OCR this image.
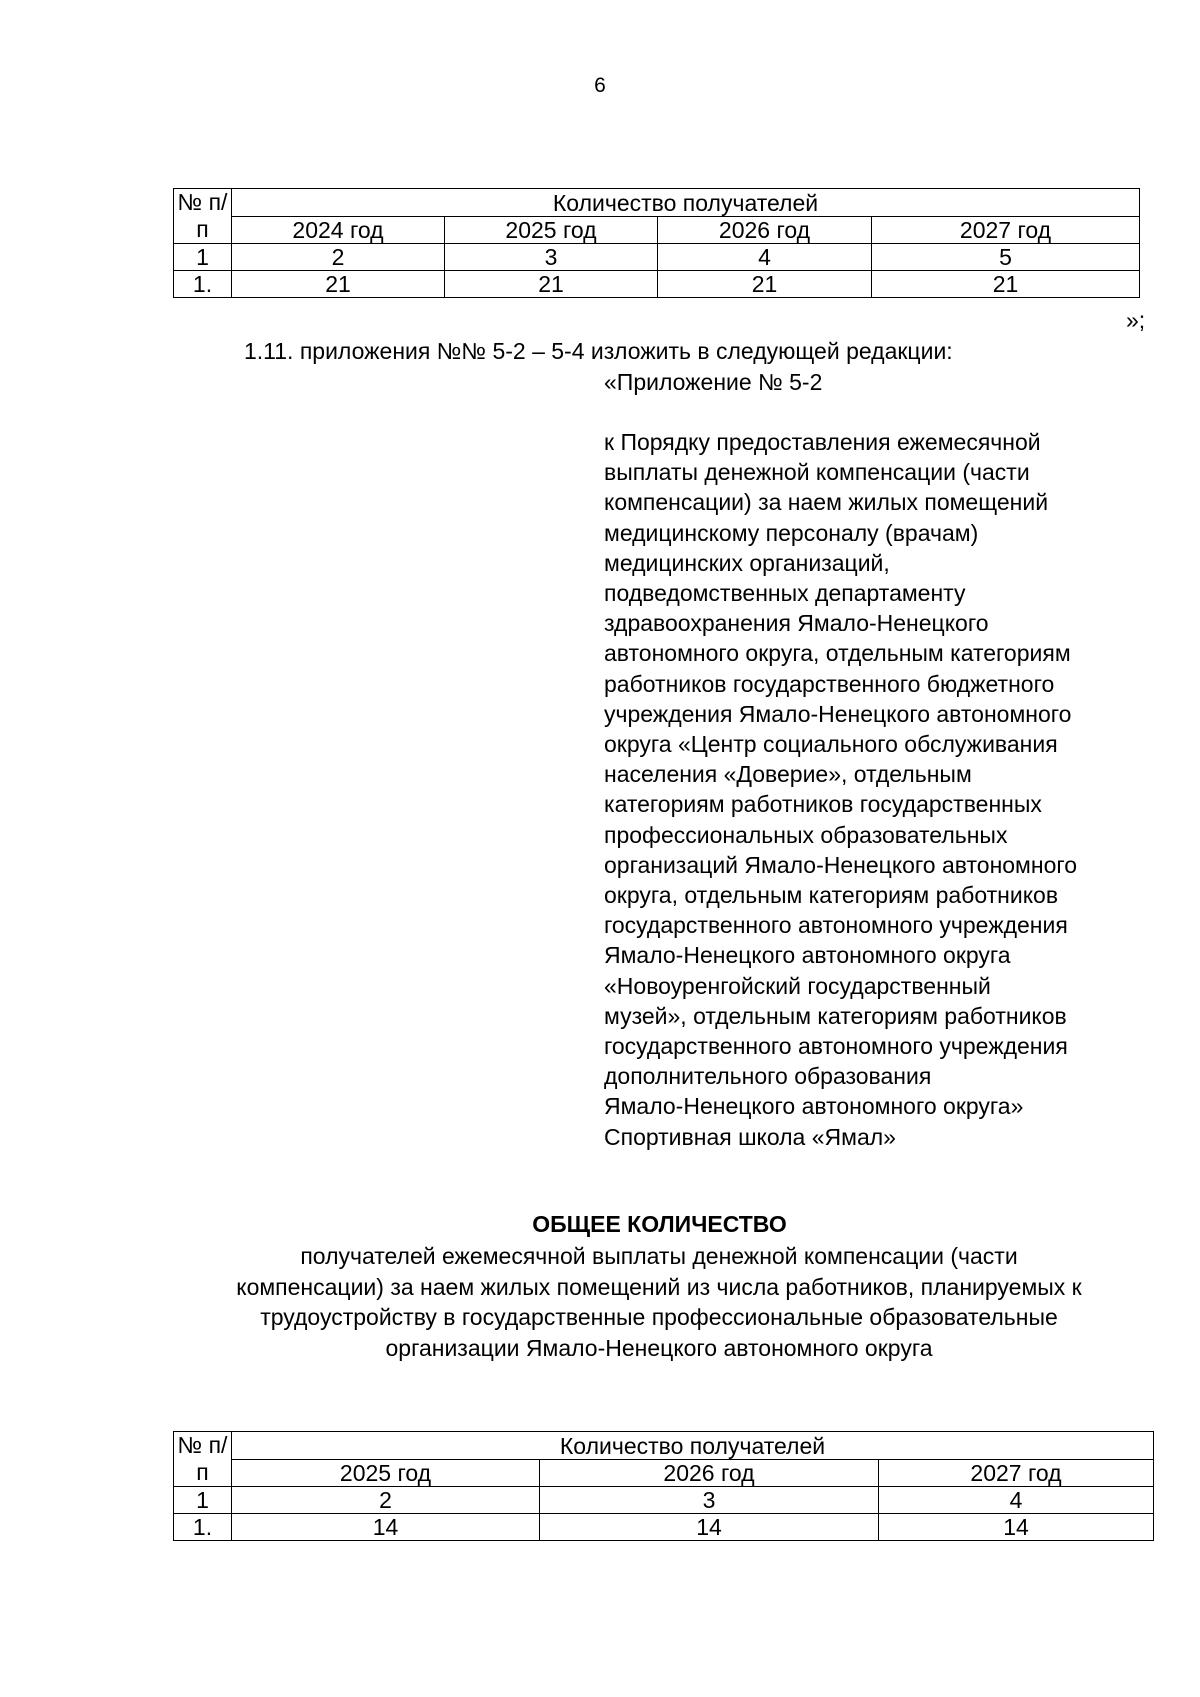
6
№ п/п	Количество получателей			
	2024 год	2025 год	2026 год	2027 год
1	2	3	4	5
1.	21	21	21	21
»;
1.11. приложения №№ 5-2 – 5-4 изложить в следующей редакции:
«Приложение № 5-2
к Порядку предоставления ежемесячной
выплаты денежной компенсации (части
компенсации) за наем жилых помещений
медицинскому персоналу (врачам)
медицинских организаций,
подведомственных департаменту
здравоохранения Ямало-Ненецкого
автономного округа, отдельным категориям
работников государственного бюджетного
учреждения Ямало-Ненецкого автономного
округа «Центр социального обслуживания
населения «Доверие», отдельным
категориям работников государственных
профессиональных образовательных
организаций Ямало-Ненецкого автономного
округа, отдельным категориям работников
государственного автономного учреждения
Ямало-Ненецкого автономного округа
«Новоуренгойский государственный
музей», отдельным категориям работников
государственного автономного учреждения
дополнительного образования
Ямало-Ненецкого автономного округа»
Спортивная школа «Ямал»
ОБЩЕЕ КОЛИЧЕСТВО
получателей ежемесячной выплаты денежной компенсации (части
компенсации) за наем жилых помещений из числа работников, планируемых к
трудоустройству в государственные профессиональные образовательные
организации Ямало-Ненецкого автономного округа
№ п/п	Количество получателей		
	2025 год	2026 год	2027 год
1	2	3	4
1.	14	14	14
